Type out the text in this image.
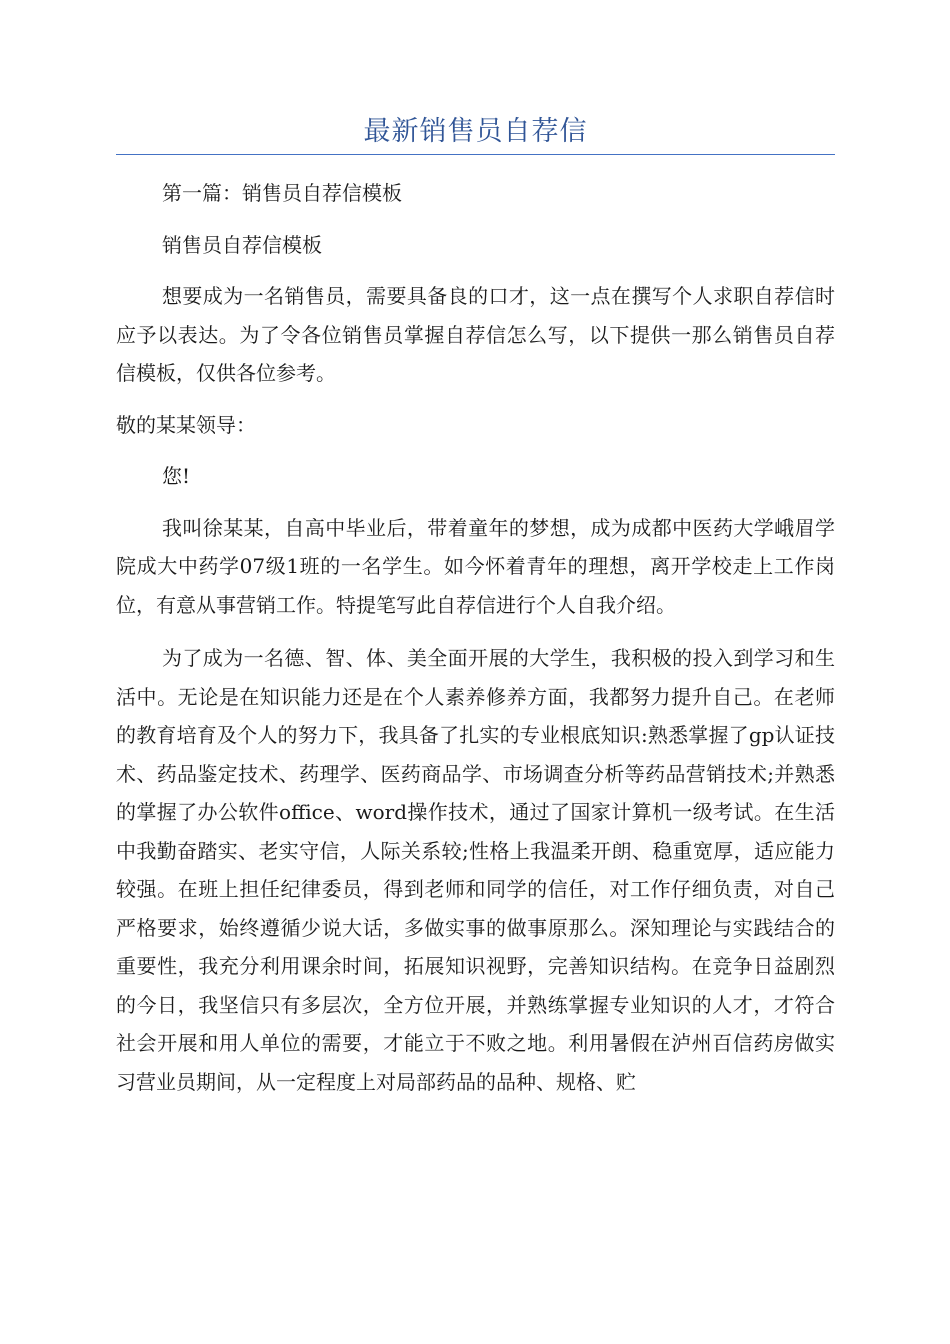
最新销售员自荐信

第一篇：销售员自荐信模板

销售员自荐信模板

想要成为一名销售员，需要具备良的口才，这一点在撰写个人求职自荐信时应予以表达。为了令各位销售员掌握自荐信怎么写，以下提供一那么销售员自荐信模板，仅供各位参考。

敬的某某领导：

您!

我叫徐某某，自高中毕业后，带着童年的梦想，成为成都中医药大学峨眉学院成大中药学07级1班的一名学生。如今怀着青年的理想，离开学校走上工作岗位，有意从事营销工作。特提笔写此自荐信进行个人自我介绍。

为了成为一名德、智、体、美全面开展的大学生，我积极的投入到学习和生活中。无论是在知识能力还是在个人素养修养方面，我都努力提升自己。在老师的教育培育及个人的努力下，我具备了扎实的专业根底知识:熟悉掌握了gp认证技术、药品鉴定技术、药理学、医药商品学、市场调查分析等药品营销技术;并熟悉的掌握了办公软件office、word操作技术，通过了国家计算机一级考试。在生活中我勤奋踏实、老实守信，人际关系较;性格上我温柔开朗、稳重宽厚，适应能力较强。在班上担任纪律委员，得到老师和同学的信任，对工作仔细负责，对自己严格要求，始终遵循少说大话，多做实事的做事原那么。深知理论与实践结合的重要性，我充分利用课余时间，拓展知识视野，完善知识结构。在竞争日益剧烈的今日，我坚信只有多层次，全方位开展，并熟练掌握专业知识的人才，才符合社会开展和用人单位的需要，才能立于不败之地。利用暑假在泸州百信药房做实习营业员期间，从一定程度上对局部药品的品种、规格、贮
